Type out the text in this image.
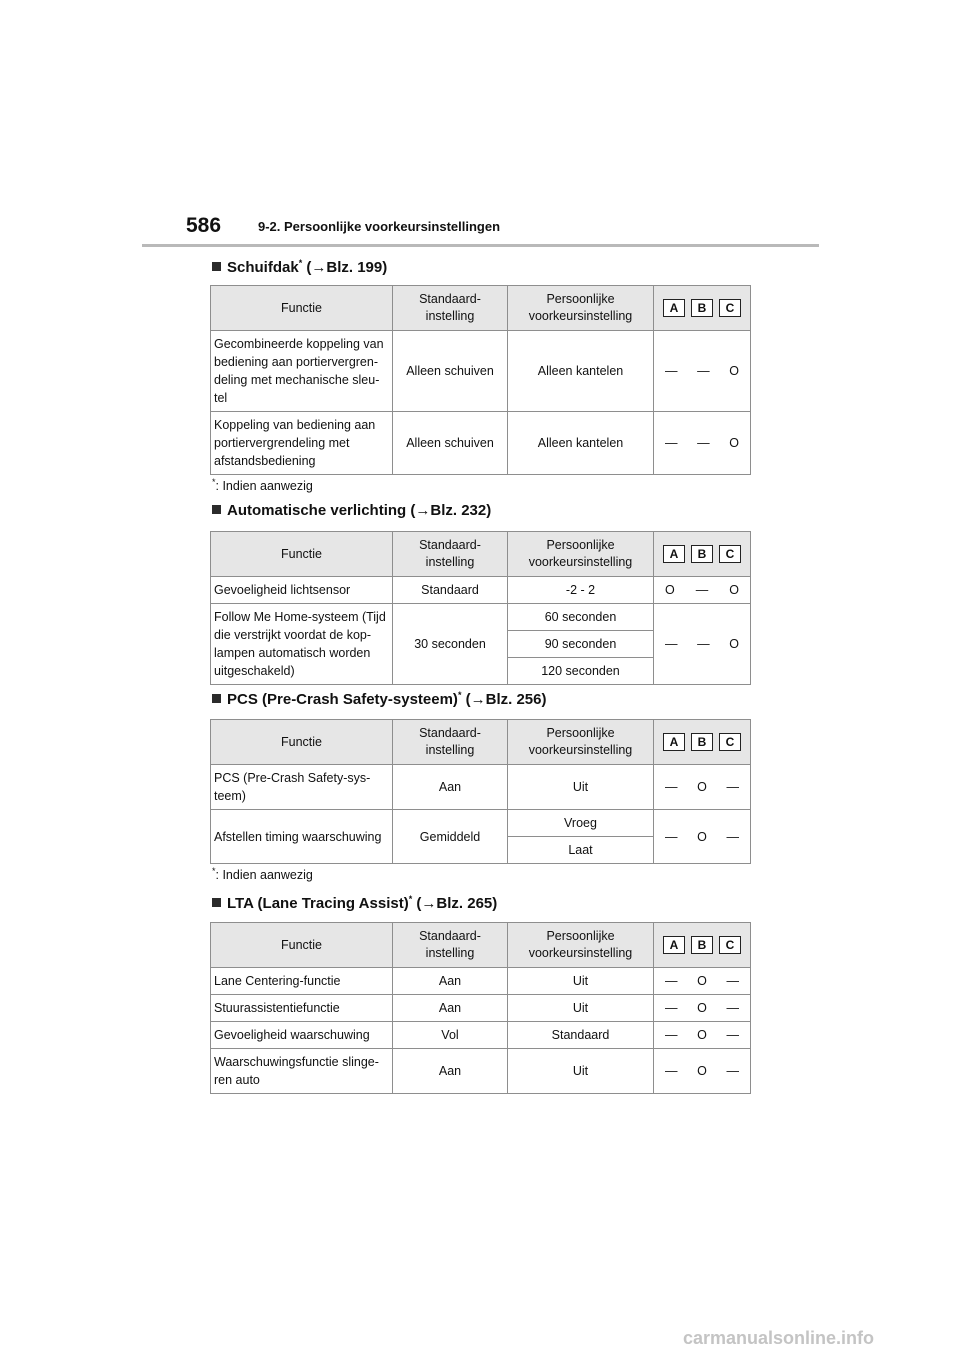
586	9-2. Persoonlijke voorkeursinstellingen
Schuifdak* (→Blz. 199)
Functie	Standaard-instelling	Persoonlijke voorkeursinstelling	A B C

Gecombineerde koppeling van bediening aan portiervergren-deling met mechanische sleu-tel	Alleen schuiven	Alleen kantelen	— — O

Koppeling van bediening aan portiervergrendeling met afstandsbediening	Alleen schuiven	Alleen kantelen	— — O
*: Indien aanwezig
Automatische verlichting (→Blz. 232)
Functie	Standaard-instelling	Persoonlijke voorkeursinstelling	A B C

Gevoeligheid lichtsensor	Standaard	-2 - 2	O — O

Follow Me Home-systeem (Tijd die verstrijkt voordat de kop-lampen automatisch worden uitgeschakeld)	30 seconden	60 seconden	— — O

		90 seconden	
		120 seconden	
PCS (Pre-Crash Safety-systeem)* (→Blz. 256)
Functie	Standaard-instelling	Persoonlijke voorkeursinstelling	A B C

PCS (Pre-Crash Safety-sys-teem)	Aan	Uit	— O —

Afstellen timing waarschuwing	Gemiddeld	Vroeg	— O —

		Laat	
*: Indien aanwezig
LTA (Lane Tracing Assist)* (→Blz. 265)
Functie	Standaard-instelling	Persoonlijke voorkeursinstelling	A B C

Lane Centering-functie	Aan	Uit	— O —

Stuurassistentiefunctie	Aan	Uit	— O —

Gevoeligheid waarschuwing	Vol	Standaard	— O —

Waarschuwingsfunctie slinge-ren auto	Aan	Uit	— O —
carmanualsonline.info
